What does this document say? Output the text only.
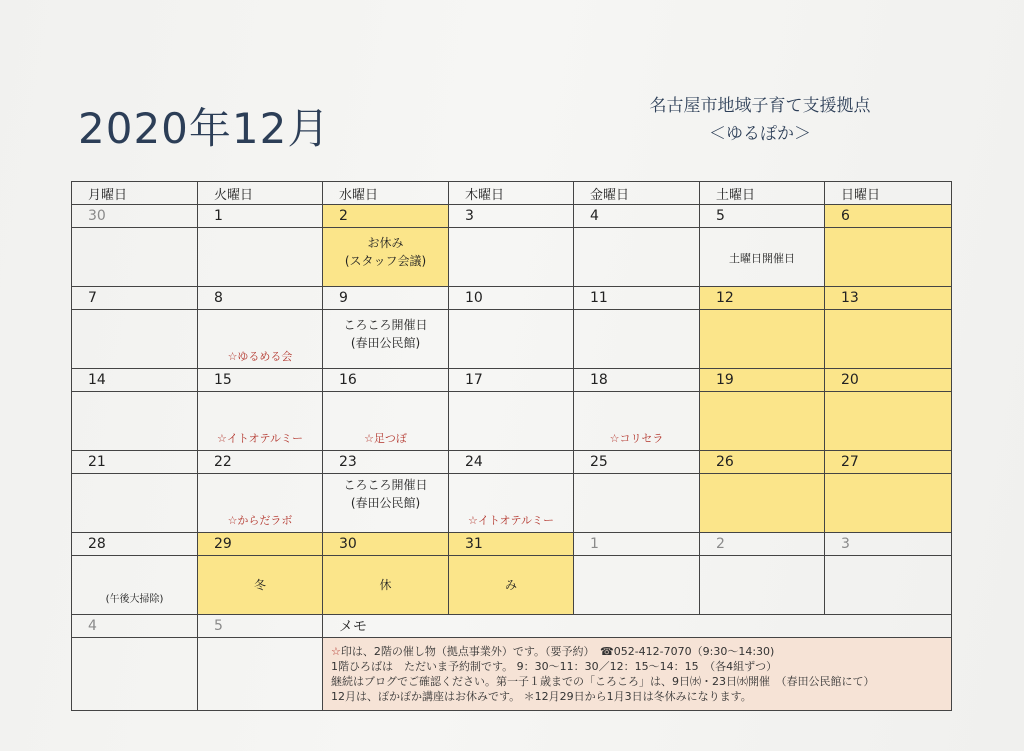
2020年12月	名古屋市地域子育て支援拠点
＜ゆるぽか＞
月曜日	火曜日	水曜日	木曜日	金曜日	土曜日	日曜日
30	1	2	3	4	5	6

		お休み
(スタッフ会議)			土曜日開催日	

7	8	9	10	11	12	13

	☆ゆるめる会	ころころ開催日
(春田公民館)				

14	15	16	17	18	19	20

	☆イトオテルミー	☆足つぼ		☆コリセラ		

21	22	23	24	25	26	27

	☆からだラボ	ころころ開催日
(春田公民館)	☆イトオテルミー			

28	29	30	31	1	2	3

(午後大掃除)	冬	休	み			

4	5	メモ				

		☆印は、2階の催し物（拠点事業外）です。（要予約）　☎052-412-7070（9:30〜14:30)
1階ひろばは　ただいま予約制です。 9：30〜11：30／12：15〜14：15　（各4組ずつ）
継続はブログでご確認ください。第一子１歳までの「ころころ」は、9日㈬・23日㈬開催　（春田公民館にて）
12月は、ぽかぽか講座はお休みです。 ＊12月29日から1月3日は冬休みになります。				
